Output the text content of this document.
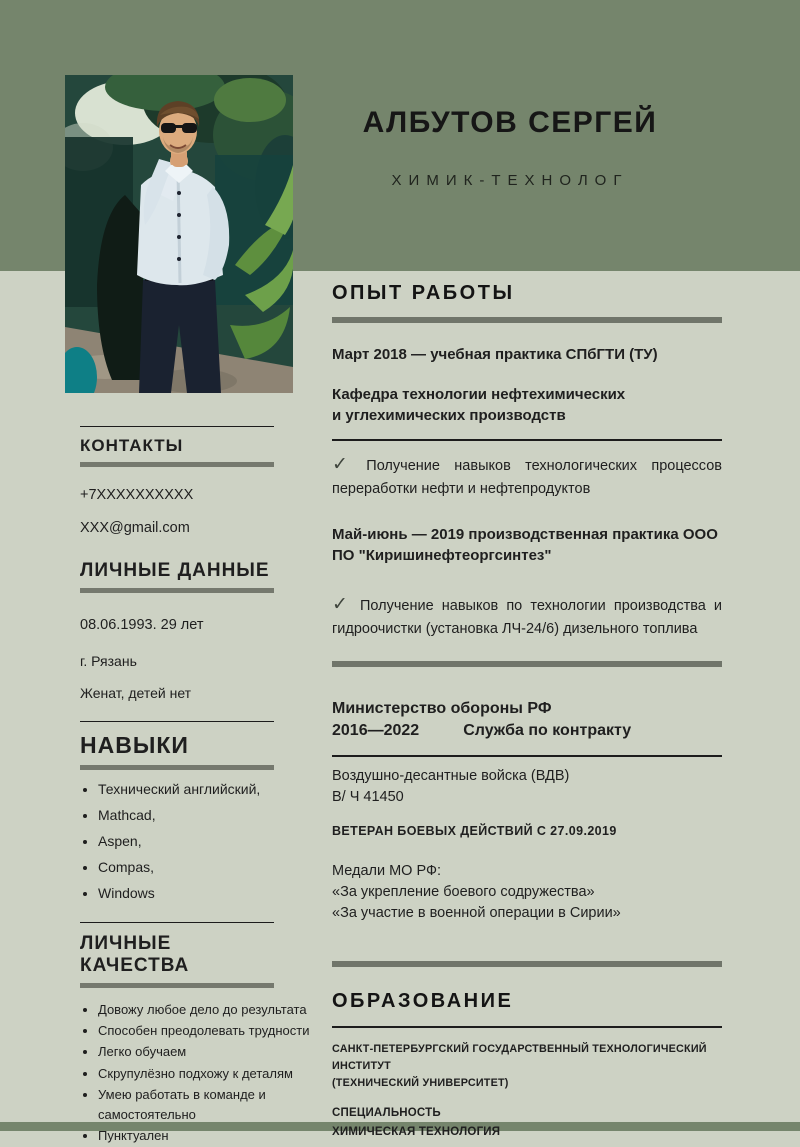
АЛБУТОВ СЕРГЕЙ
ХИМИК-ТЕХНОЛОГ
КОНТАКТЫ
+7XXXXXXXXXX
XXX@gmail.com
ЛИЧНЫЕ ДАННЫЕ
08.06.1993. 29 лет
г. Рязань
Женат, детей нет
НАВЫКИ
• Технический английский,
• Mathcad,
• Aspen,
• Compas,
• Windows
ЛИЧНЫЕ
КАЧЕСТВА
• Довожу любое дело до результата
• Способен преодолевать трудности
• Легко обучаем
• Скрупулёзно подхожу к деталям
• Умею работать в команде и самостоятельно
• Пунктуален
ОПЫТ РАБОТЫ
Март 2018 — учебная практика СПбГТИ (ТУ)
Кафедра технологии нефтехимических
и углехимических производств

✓ Получение навыков технологических процессов переработки нефти и нефтепродуктов

Май-июнь — 2019 производственная практика ООО
ПО "Киришинефтеоргсинтез"

✓ Получение навыков по технологии производства и гидроочистки (установка ЛЧ-24/6) дизельного топлива

Министерство обороны РФ
2016—2022	Служба по контракту
Воздушно-десантные войска (ВДВ)
В/ Ч 41450
ВЕТЕРАН БОЕВЫХ ДЕЙСТВИЙ С 27.09.2019
Медали МО РФ:
«За укрепление боевого содружества»
«За участие в военной операции в Сирии»
ОБРАЗОВАНИЕ
САНКТ-ПЕТЕРБУРГСКИЙ ГОСУДАРСТВЕННЫЙ ТЕХНОЛОГИЧЕСКИЙ ИНСТИТУТ
(ТЕХНИЧЕСКИЙ УНИВЕРСИТЕТ)
СПЕЦИАЛЬНОСТЬ
ХИМИЧЕСКАЯ ТЕХНОЛОГИЯ
